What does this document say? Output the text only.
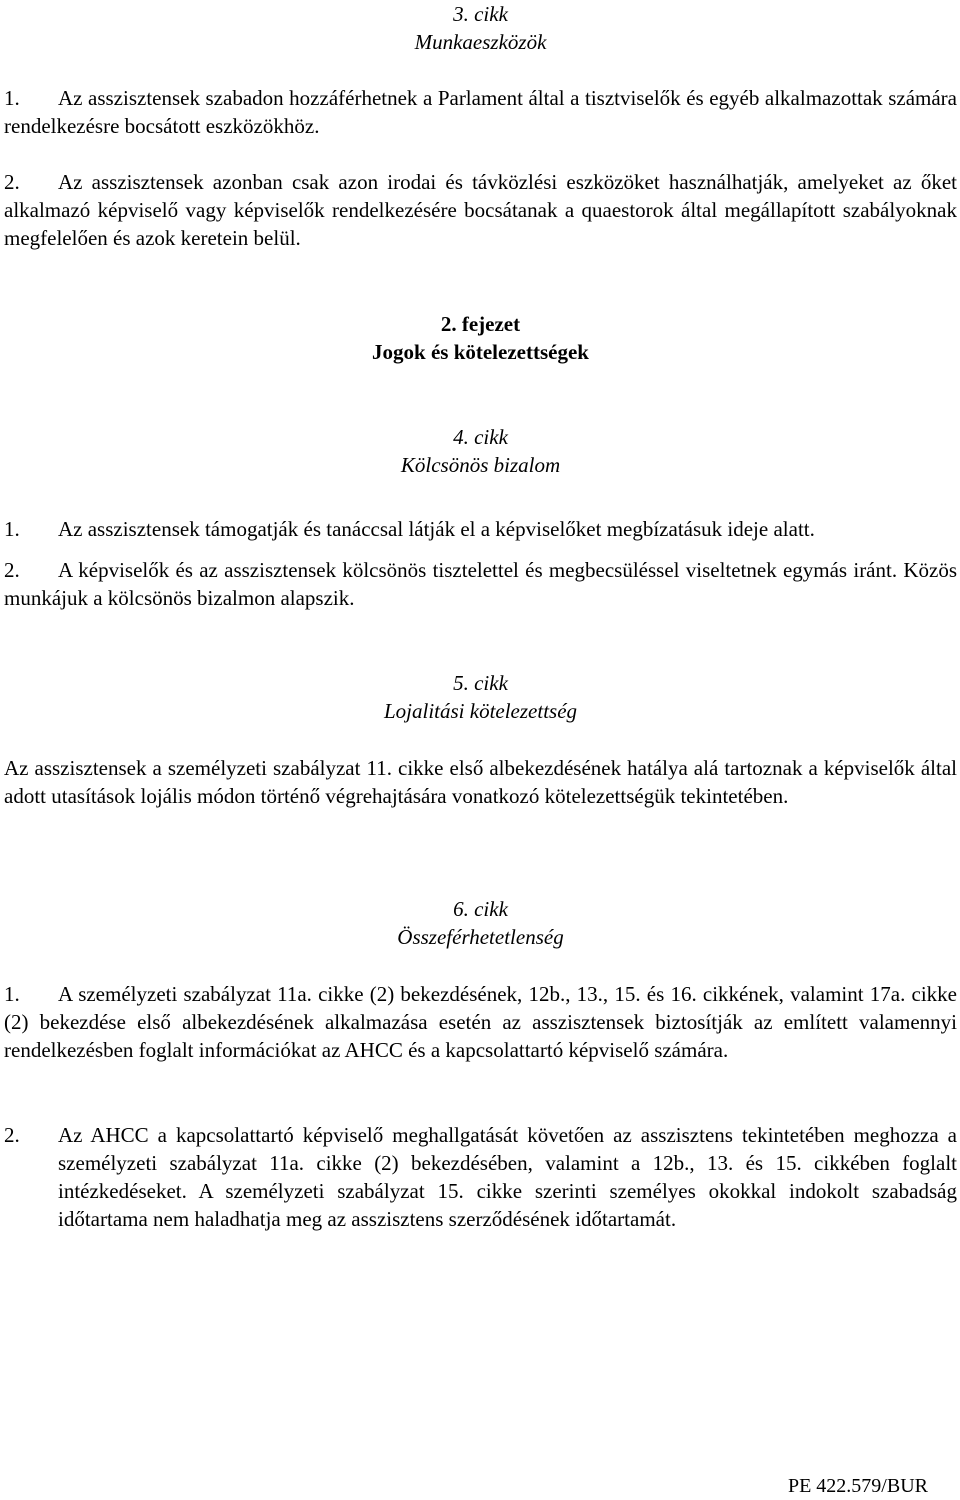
3. cikk
Munkaeszközök
1. Az asszisztensek szabadon hozzáférhetnek a Parlament által a tisztviselők és egyéb alkalmazottak számára rendelkezésre bocsátott eszközökhöz.
2. Az asszisztensek azonban csak azon irodai és távközlési eszközöket használhatják, amelyeket az őket alkalmazó képviselő vagy képviselők rendelkezésére bocsátanak a quaestorok által megállapított szabályoknak megfelelően és azok keretein belül.
2. fejezet
Jogok és kötelezettségek
4. cikk
Kölcsönös bizalom
1. Az asszisztensek támogatják és tanáccsal látják el a képviselőket megbízatásuk ideje alatt.
2. A képviselők és az asszisztensek kölcsönös tisztelettel és megbecsüléssel viseltetnek egymás iránt. Közös munkájuk a kölcsönös bizalmon alapszik.
5. cikk
Lojalitási kötelezettség
Az asszisztensek a személyzeti szabályzat 11. cikke első albekezdésének hatálya alá tartoznak a képviselők által adott utasítások lojális módon történő végrehajtására vonatkozó kötelezettségük tekintetében.
6. cikk
Összeférhetetlenség
1. A személyzeti szabályzat 11a. cikke (2) bekezdésének, 12b., 13., 15. és 16. cikkének, valamint 17a. cikke (2) bekezdése első albekezdésének alkalmazása esetén az asszisztensek biztosítják az említett valamennyi rendelkezésben foglalt információkat az AHCC és a kapcsolattartó képviselő számára.
2. Az AHCC a kapcsolattartó képviselő meghallgatását követően az asszisztens tekintetében meghozza a személyzeti szabályzat 11a. cikke (2) bekezdésében, valamint a 12b., 13. és 15. cikkében foglalt intézkedéseket. A személyzeti szabályzat 15. cikke szerinti személyes okokkal indokolt szabadság időtartama nem haladhatja meg az asszisztens szerződésének időtartamát.
PE 422.579/BUR
